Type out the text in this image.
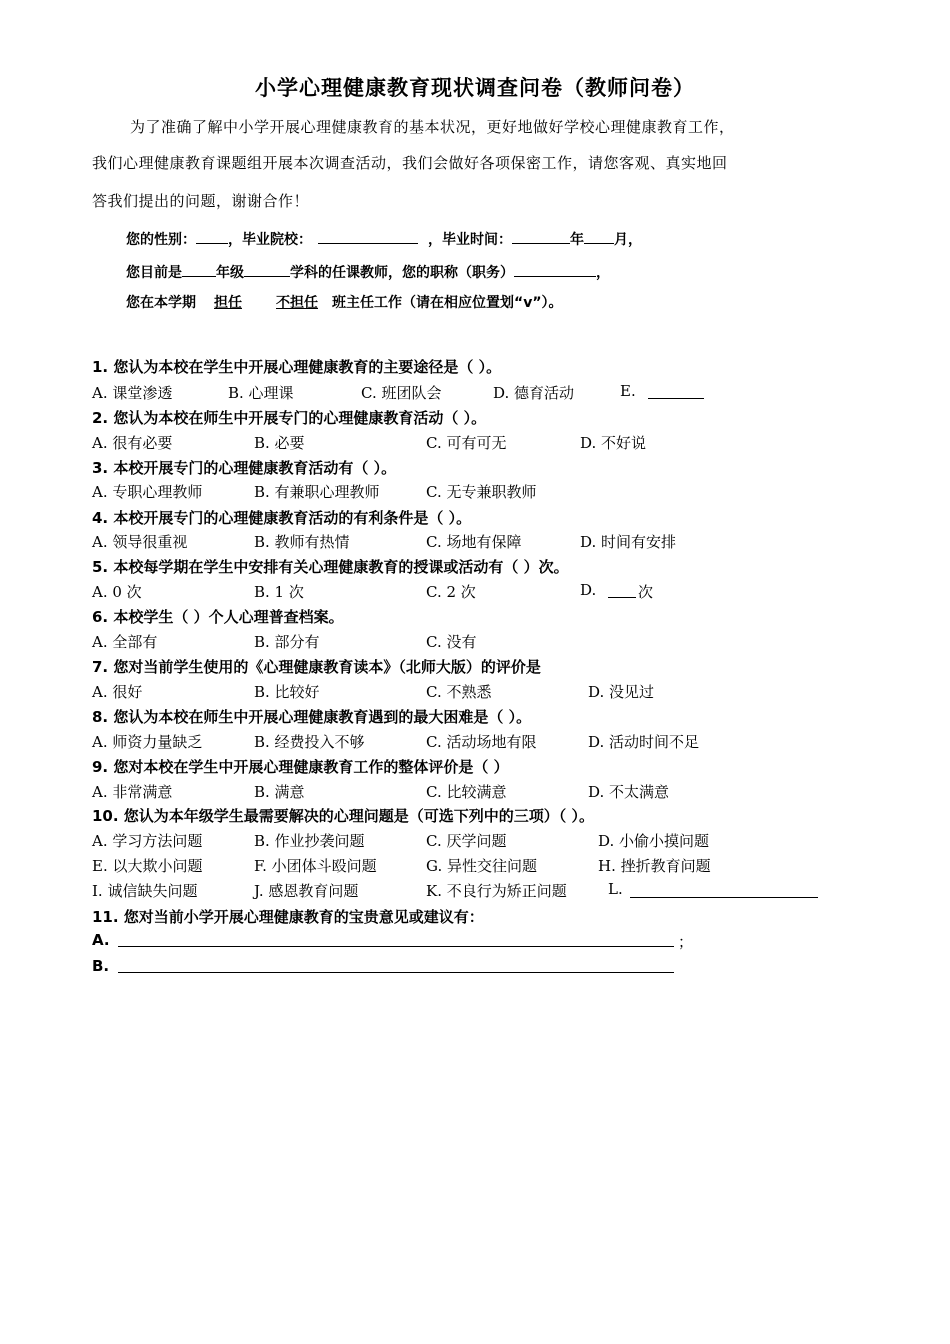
小学心理健康教育现状调查问卷（教师问卷）
为了准确了解中小学开展心理健康教育的基本状况，更好地做好学校心理健康教育工作，
我们心理健康教育课题组开展本次调查活动，我们会做好各项保密工作，请您客观、真实地回
答我们提出的问题，谢谢合作！
您的性别： ，毕业院校：	，毕业时间：	年 月，
您目前是 年级	学科的任课教师，您的职称（职务）	，
您在本学期 担任 不担任 班主任工作（请在相应位置划“v”）。
1. 您认为本校在学生中开展心理健康教育的主要途径是（ ）。
A. 课堂渗透	B. 心理课	C. 班团队会	D. 德育活动	E.
2. 您认为本校在师生中开展专门的心理健康教育活动（ ）。
A. 很有必要	B. 必要	C. 可有可无	D. 不好说
3. 本校开展专门的心理健康教育活动有（ ）。
A. 专职心理教师	B. 有兼职心理教师	C. 无专兼职教师
4. 本校开展专门的心理健康教育活动的有利条件是（ ）。
A. 领导很重视	B. 教师有热情	C. 场地有保障	D. 时间有安排
5. 本校每学期在学生中安排有关心理健康教育的授课或活动有（ ）次。
A. 0 次	B. 1 次	C. 2 次	D.	次
6. 本校学生（ ）个人心理普查档案。
A. 全部有	B. 部分有	C. 没有
7. 您对当前学生使用的《心理健康教育读本》（北师大版）的评价是
A. 很好	B. 比较好	C. 不熟悉	D. 没见过
8. 您认为本校在师生中开展心理健康教育遇到的最大困难是（ ）。
A. 师资力量缺乏	B. 经费投入不够	C. 活动场地有限	D. 活动时间不足
9. 您对本校在学生中开展心理健康教育工作的整体评价是（ ）
A. 非常满意	B. 满意	C. 比较满意	D. 不太满意
10. 您认为本年级学生最需要解决的心理问题是（可选下列中的三项）（ ）。
A. 学习方法问题	B. 作业抄袭问题	C. 厌学问题	D. 小偷小摸问题
E. 以大欺小问题	F. 小团体斗殴问题	G. 异性交往问题	H. 挫折教育问题
I. 诚信缺失问题	J. 感恩教育问题	K. 不良行为矫正问题	L.
11. 您对当前小学开展心理健康教育的宝贵意见或建议有：
A.	；
B.
